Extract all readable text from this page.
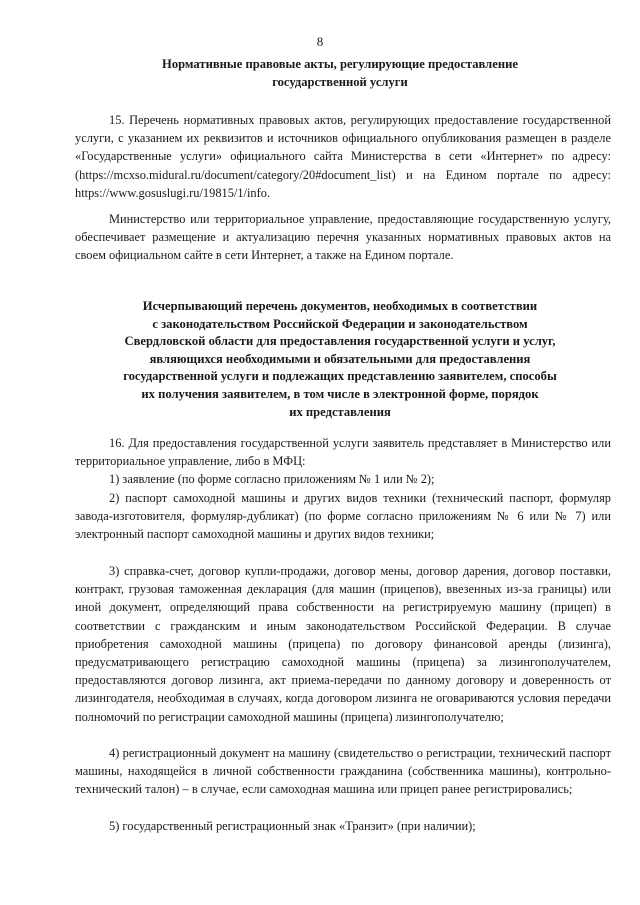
8
Нормативные правовые акты, регулирующие предоставление
государственной услуги
15. Перечень нормативных правовых актов, регулирующих предоставление государственной услуги, с указанием их реквизитов и источников официального опубликования размещен в разделе «Государственные услуги» официального сайта Министерства в сети «Интернет» по адресу: (https://mcxso.midural.ru/document/category/20#document_list) и на Едином портале по адресу: https://www.gosuslugi.ru/19815/1/info.
Министерство или территориальное управление, предоставляющие государственную услугу, обеспечивает размещение и актуализацию перечня указанных нормативных правовых актов на своем официальном сайте в сети Интернет, а также на Едином портале.
Исчерпывающий перечень документов, необходимых в соответствии
с законодательством Российской Федерации и законодательством
Свердловской области для предоставления государственной услуги и услуг,
являющихся необходимыми и обязательными для предоставления
государственной услуги и подлежащих представлению заявителем, способы
их получения заявителем, в том числе в электронной форме, порядок
их представления
16. Для предоставления государственной услуги заявитель представляет в Министерство или территориальное управление, либо в МФЦ:
1) заявление (по форме согласно приложениям № 1 или № 2);
2) паспорт самоходной машины и других видов техники (технический паспорт, формуляр завода-изготовителя, формуляр-дубликат) (по форме согласно приложениям № 6 или № 7) или электронный паспорт самоходной машины и других видов техники;
3) справка-счет, договор купли-продажи, договор мены, договор дарения, договор поставки, контракт, грузовая таможенная декларация (для машин (прицепов), ввезенных из-за границы) или иной документ, определяющий права собственности на регистрируемую машину (прицеп) в соответствии с гражданским и иным законодательством Российской Федерации. В случае приобретения самоходной машины (прицепа) по договору финансовой аренды (лизинга), предусматривающего регистрацию самоходной машины (прицепа) за лизингополучателем, предоставляются договор лизинга, акт приема-передачи по данному договору и доверенность от лизингодателя, необходимая в случаях, когда договором лизинга не оговариваются условия передачи полномочий по регистрации самоходной машины (прицепа) лизингополучателю;
4) регистрационный документ на машину (свидетельство о регистрации, технический паспорт машины, находящейся в личной собственности гражданина (собственника машины), контрольно-технический талон) – в случае, если самоходная машина или прицеп ранее регистрировались;
5) государственный регистрационный знак «Транзит» (при наличии);
